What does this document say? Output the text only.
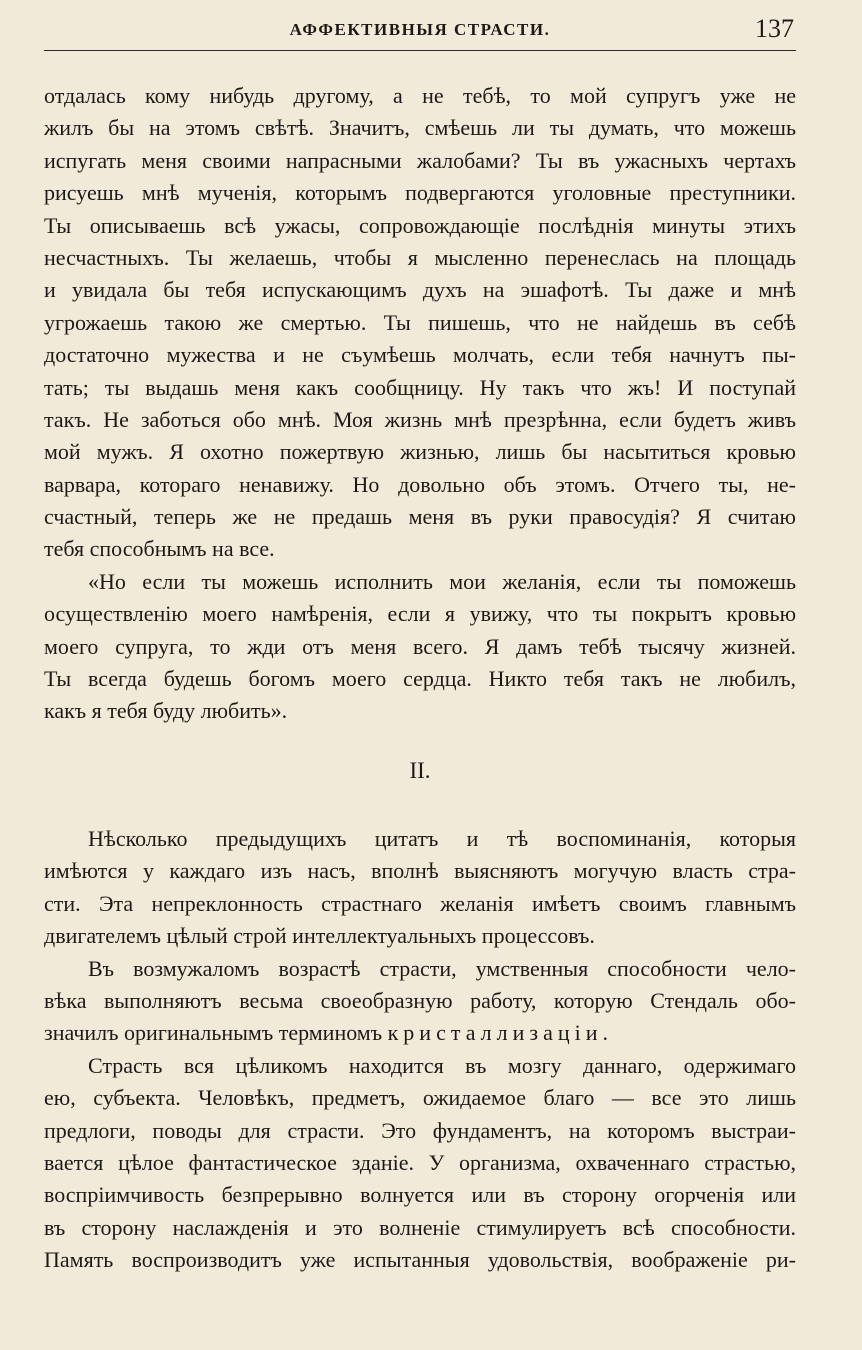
АФФЕКТИВНЫЯ СТРАСТИ.	137
отдалась кому нибудь другому, а не тебѣ, то мой супругъ уже не
жилъ бы на этомъ свѣтѣ. Значитъ, смѣешь ли ты думать, что можешь
испугать меня своими напрасными жалобами? Ты въ ужасныхъ чертахъ
рисуешь мнѣ мученія, которымъ подвергаются уголовные преступники.
Ты описываешь всѣ ужасы, сопровождающіе послѣднія минуты этихъ
несчастныхъ. Ты желаешь, чтобы я мысленно перенеслась на площадь
и увидала бы тебя испускающимъ духъ на эшафотѣ. Ты даже и мнѣ
угрожаешь такою же смертью. Ты пишешь, что не найдешь въ себѣ
достаточно мужества и не съумѣешь молчать, если тебя начнутъ пы-
тать; ты выдашь меня какъ сообщницу. Ну такъ что жъ! И поступай
такъ. Не заботься обо мнѣ. Моя жизнь мнѣ презрѣнна, если будетъ живъ
мой мужъ. Я охотно пожертвую жизнью, лишь бы насытиться кровью
варвара, котораго ненавижу. Но довольно объ этомъ. Отчего ты, не-
счастный, теперь же не предашь меня въ руки правосудія? Я считаю
тебя способнымъ на все.
«Но если ты можешь исполнить мои желанія, если ты поможешь
осуществленію моего намѣренія, если я увижу, что ты покрытъ кровью
моего супруга, то жди отъ меня всего. Я дамъ тебѣ тысячу жизней.
Ты всегда будешь богомъ моего сердца. Никто тебя такъ не любилъ,
какъ я тебя буду любить».
II.
Нѣсколько предыдущихъ цитатъ и тѣ воспоминанія, которыя
имѣются у каждаго изъ насъ, вполнѣ выясняютъ могучую власть стра-
сти. Эта непреклонность страстнаго желанія имѣетъ своимъ главнымъ
двигателемъ цѣлый строй интеллектуальныхъ процессовъ.
Въ возмужаломъ возрастѣ страсти, умственныя способности чело-
вѣка выполняютъ весьма своеобразную работу, которую Стендаль обо-
значилъ оригинальнымъ терминомъ кристаллизаціи.
Страсть вся цѣликомъ находится въ мозгу даннаго, одержимаго
ею, субъекта. Человѣкъ, предметъ, ожидаемое благо — все это лишь
предлоги, поводы для страсти. Это фундаментъ, на которомъ выстраи-
вается цѣлое фантастическое зданіе. У организма, охваченнаго страстью,
воспріимчивость безпрерывно волнуется или въ сторону огорченія или
въ сторону наслажденія и это волненіе стимулируетъ всѣ способности.
Память воспроизводитъ уже испытанныя удовольствія, воображеніе ри-
